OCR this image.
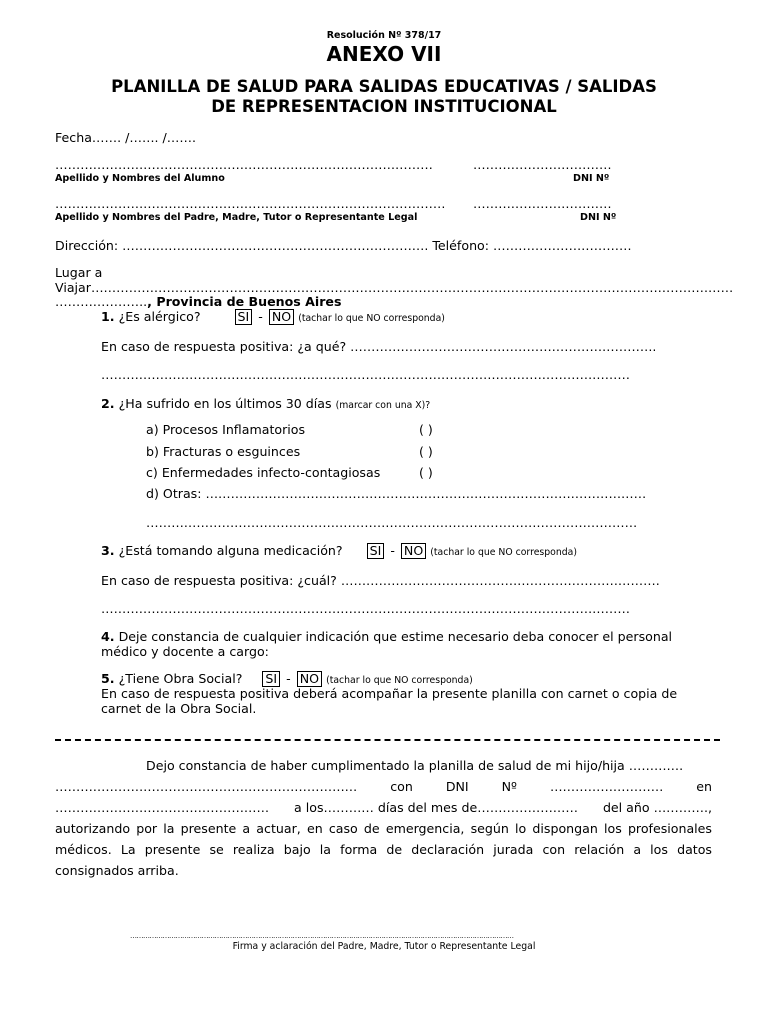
Resolución Nº 378/17
ANEXO VII
PLANILLA DE SALUD PARA SALIDAS EDUCATIVAS / SALIDAS
DE REPRESENTACION INSTITUCIONAL
Fecha……. /……. /…….
………………………………………………………………………………	……………………………
Apellido y Nombres del Alumno	DNI Nº
………………………………………………………………………………… ……………………………
Apellido y Nombres del Padre, Madre, Tutor o Representante Legal	DNI Nº
Dirección: ………………………………………………………………. Teléfono: ……………………………
Lugar a
Viajar………………………………………………………………………………………………………………………………………
…………………., Provincia de Buenos Aires
1. ¿Es alérgico?	SI - NO (tachar lo que NO corresponda)
En caso de respuesta positiva: ¿a qué? ……………………………………………………………….
………………………………………………………………………………………………………………
2. ¿Ha sufrido en los últimos 30 días (marcar con una X)?
a) Procesos Inflamatorios	( )
b) Fracturas o esguinces	( )
c) Enfermedades infecto-contagiosas	( )
d) Otras: ……………………………………………………………………………………………
………………………………………………………………………………………………………
3. ¿Está tomando alguna medicación? SI - NO (tachar lo que NO corresponda)
En caso de respuesta positiva: ¿cuál? ………………………………………………………………….
………………………………………………………………………………………………………………
4. Deje constancia de cualquier indicación que estime necesario deba conocer el personal
médico y docente a cargo:
5. ¿Tiene Obra Social? SI - NO (tachar lo que NO corresponda)
En caso de respuesta positiva deberá acompañar la presente planilla con carnet o copia de
carnet de la Obra Social.
Dejo constancia de haber cumplimentado la planilla de salud de mi hijo/hija ………….
………………………………………………………………	con	DNI	Nº	………………………	en
…………………………………………… a los………… días del mes de…………………… del año ………….,
autorizando por la presente a actuar, en caso de emergencia, según lo dispongan los profesionales
médicos. La presente se realiza bajo la forma de declaración jurada con relación a los datos
consignados arriba.
……………………………………………………………………………………………………………………………………………………………
Firma y aclaración del Padre, Madre, Tutor o Representante Legal
